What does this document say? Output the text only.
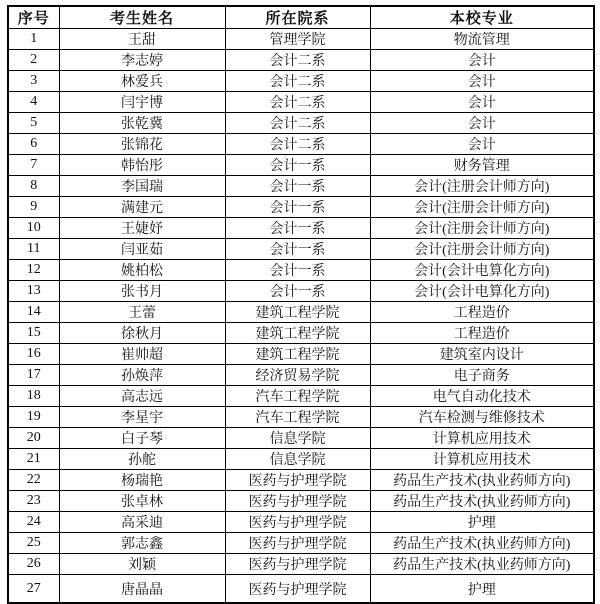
序号	考生姓名	所在院系	本校专业
1	王甜	管理学院	物流管理
2	李志婷	会计二系	会计
3	林爱兵	会计二系	会计
4	闫宇博	会计二系	会计
5	张乾冀	会计二系	会计
6	张锦花	会计二系	会计
7	韩怡彤	会计一系	财务管理
8	李国瑞	会计一系	会计(注册会计师方向)
9	满建元	会计一系	会计(注册会计师方向)
10	王婕妤	会计一系	会计(注册会计师方向)
11	闫亚茹	会计一系	会计(注册会计师方向)
12	姚柏松	会计一系	会计(会计电算化方向)
13	张书月	会计一系	会计(会计电算化方向)
14	王蕾	建筑工程学院	工程造价
15	徐秋月	建筑工程学院	工程造价
16	崔帅超	建筑工程学院	建筑室内设计
17	孙焕萍	经济贸易学院	电子商务
18	高志远	汽车工程学院	电气自动化技术
19	李星宇	汽车工程学院	汽车检测与维修技术
20	白子琴	信息学院	计算机应用技术
21	孙舵	信息学院	计算机应用技术
22	杨瑞艳	医药与护理学院	药品生产技术(执业药师方向)
23	张卓林	医药与护理学院	药品生产技术(执业药师方向)
24	高采迪	医药与护理学院	护理
25	郭志鑫	医药与护理学院	药品生产技术(执业药师方向)
26	刘颖	医药与护理学院	药品生产技术(执业药师方向)
27	唐晶晶	医药与护理学院	护理
